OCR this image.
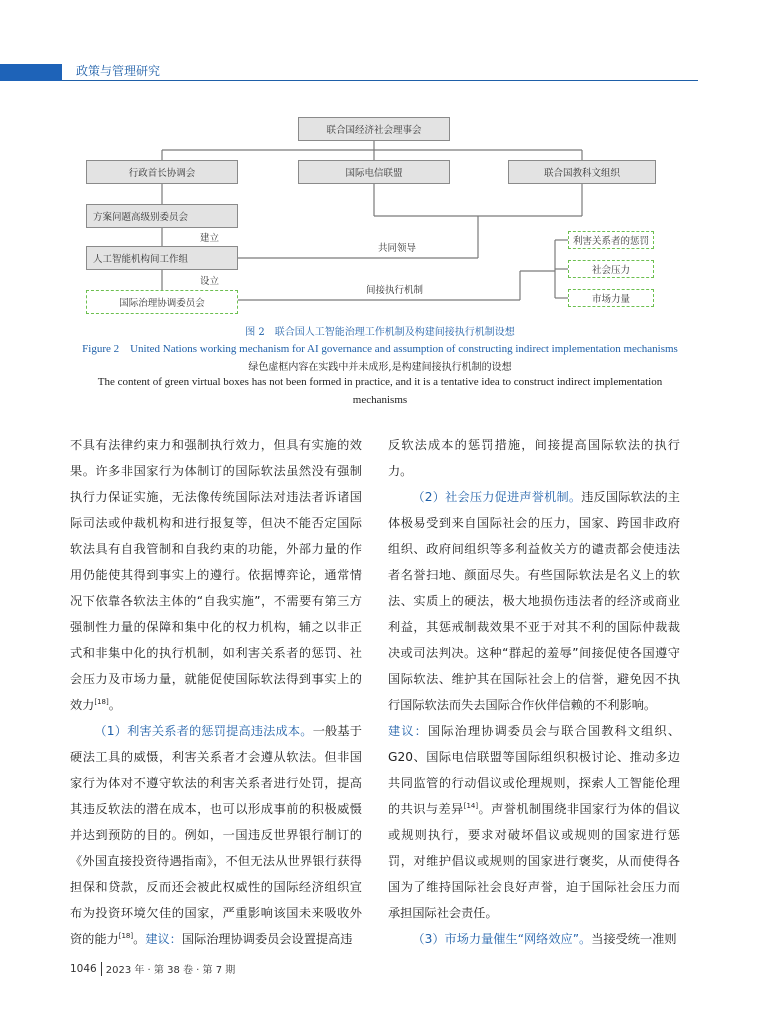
政策与管理研究
联合国经济社会理事会
行政首长协调会	国际电信联盟	联合国教科文组织
方案问题高级别委员会
人工智能机构间工作组
国际治理协调委员会
利害关系者的惩罚
社会压力
市场力量
建立
设立
共同领导
间接执行机制
图 2　联合国人工智能治理工作机制及构建间接执行机制设想
Figure 2　United Nations working mechanism for AI governance and assumption of constructing indirect implementation mechanisms
绿色虚框内容在实践中并未成形,是构建间接执行机制的设想
The content of green virtual boxes has not been formed in practice, and it is a tentative idea to construct indirect implementation
mechanisms

不具有法律约束力和强制执行效力，但具有实施的效果。许多非国家行为体制订的国际软法虽然没有强制执行力保证实施，无法像传统国际法对违法者诉诸国际司法或仲裁机构和进行报复等，但决不能否定国际软法具有自我管制和自我约束的功能，外部力量的作用仍能使其得到事实上的遵行。依据博弈论，通常情况下依靠各软法主体的“自我实施”，不需要有第三方强制性力量的保障和集中化的权力机构，辅之以非正式和非集中化的执行机制，如利害关系者的惩罚、社会压力及市场力量，就能促使国际软法得到事实上的效力[18]。

（1）利害关系者的惩罚提高违法成本。一般基于硬法工具的威慑，利害关系者才会遵从软法。但非国家行为体对不遵守软法的利害关系者进行处罚，提高其违反软法的潜在成本，也可以形成事前的积极威慑并达到预防的目的。例如，一国违反世界银行制订的《外国直接投资待遇指南》，不但无法从世界银行获得担保和贷款，反而还会被此权威性的国际经济组织宣布为投资环境欠佳的国家，严重影响该国未来吸收外资的能力[18]。建议：国际治理协调委员会设置提高违

反软法成本的惩罚措施，间接提高国际软法的执行力。

（2）社会压力促进声誉机制。违反国际软法的主体极易受到来自国际社会的压力，国家、跨国非政府组织、政府间组织等多利益攸关方的谴责都会使违法者名誉扫地、颜面尽失。有些国际软法是名义上的软法、实质上的硬法，极大地损伤违法者的经济或商业利益，其惩戒制裁效果不亚于对其不利的国际仲裁裁决或司法判决。这种“群起的羞辱”间接促使各国遵守国际软法、维护其在国际社会上的信誉，避免因不执行国际软法而失去国际合作伙伴信赖的不利影响。

建议：国际治理协调委员会与联合国教科文组织、G20、国际电信联盟等国际组织积极讨论、推动多边共同监管的行动倡议或伦理规则，探索人工智能伦理的共识与差异[14]。声誉机制围绕非国家行为体的倡议或规则执行，要求对破坏倡议或规则的国家进行惩罚，对维护倡议或规则的国家进行褒奖，从而使得各国为了维持国际社会良好声誉，迫于国际社会压力而承担国际社会责任。

（3）市场力量催生“网络效应”。当接受统一准则

1046 2023 年 · 第 38 卷 · 第 7 期
